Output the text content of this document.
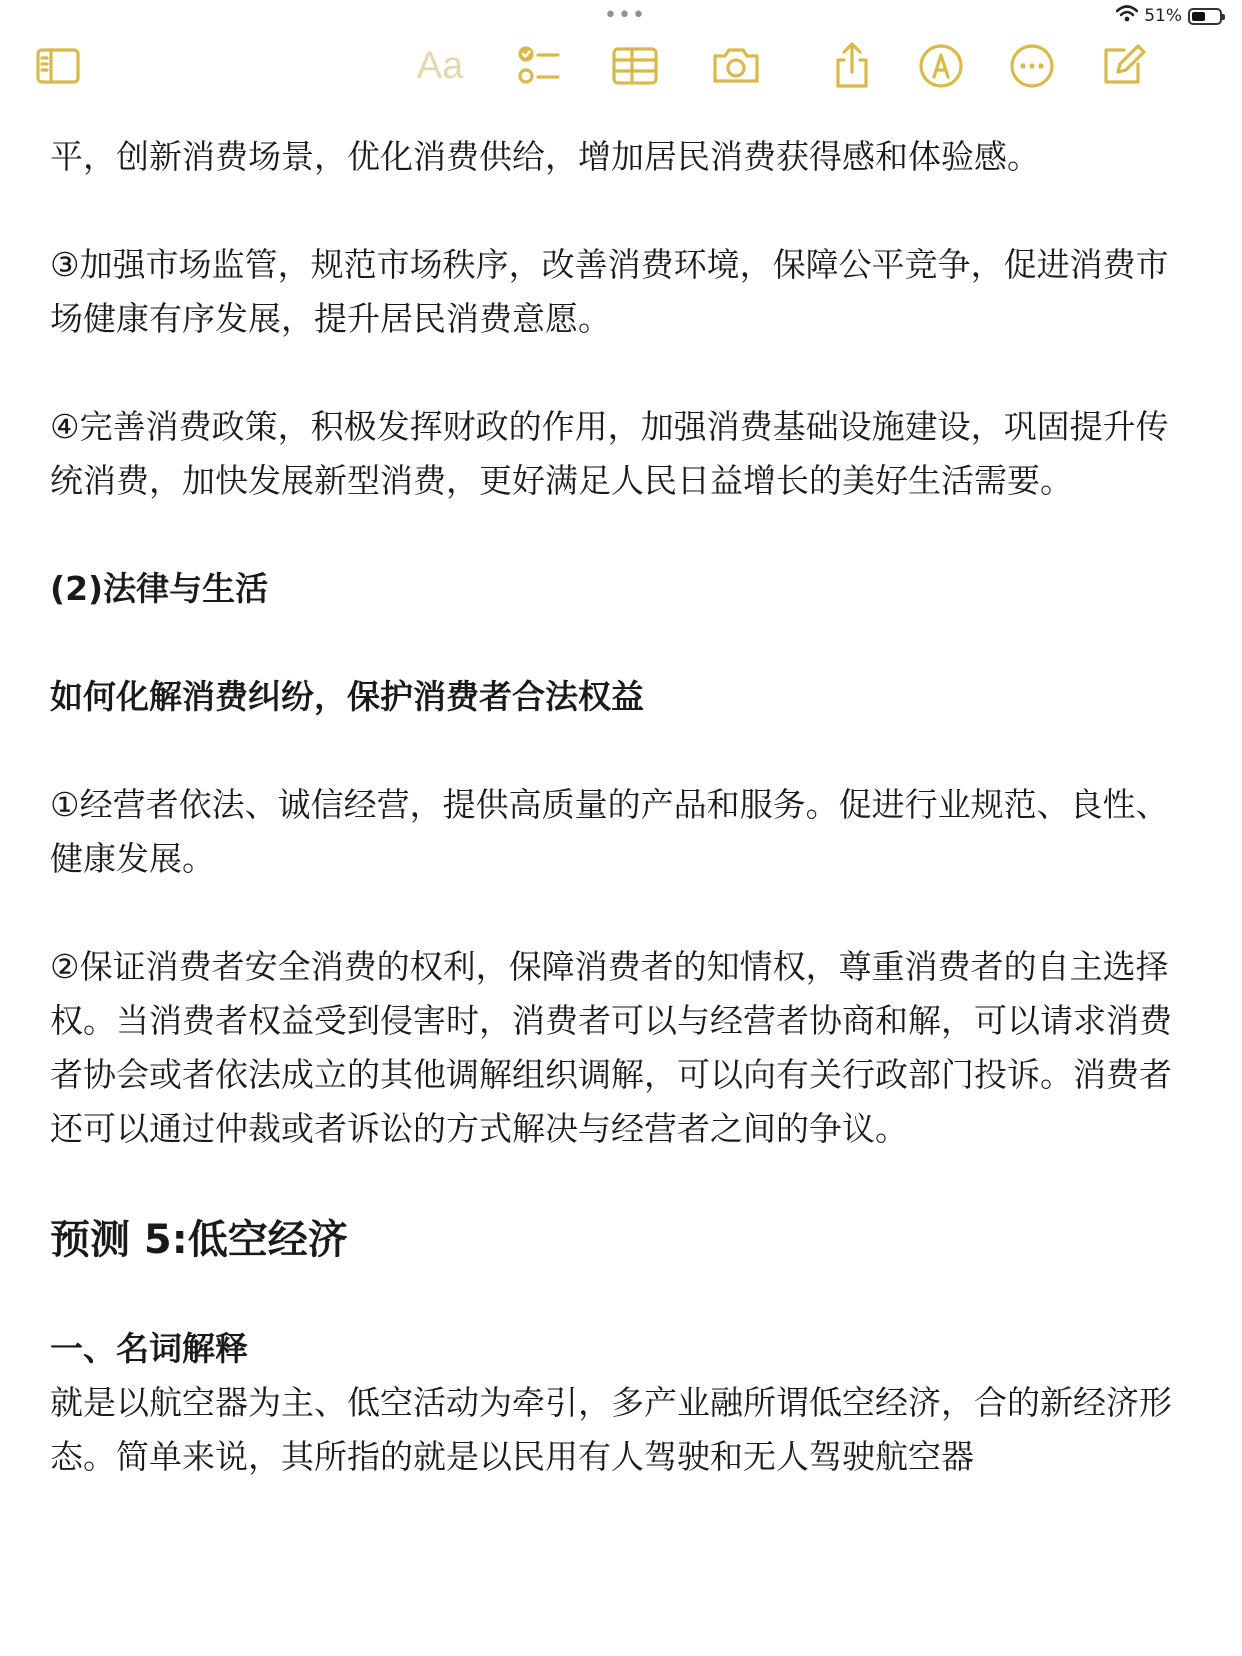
•••	51%
Aa

平，创新消费场景，优化消费供给，增加居民消费获得感和体验感。

③加强市场监管，规范市场秩序，改善消费环境，保障公平竞争，促进消费市场健康有序发展，提升居民消费意愿。

④完善消费政策，积极发挥财政的作用，加强消费基础设施建设，巩固提升传统消费，加快发展新型消费，更好满足人民日益增长的美好生活需要。

(2)法律与生活

如何化解消费纠纷，保护消费者合法权益

①经营者依法、诚信经营，提供高质量的产品和服务。促进行业规范、良性、健康发展。

②保证消费者安全消费的权利，保障消费者的知情权，尊重消费者的自主选择权。当消费者权益受到侵害时，消费者可以与经营者协商和解，可以请求消费者协会或者依法成立的其他调解组织调解，可以向有关行政部门投诉。消费者还可以通过仲裁或者诉讼的方式解决与经营者之间的争议。

预测 5:低空经济

一、名词解释

就是以航空器为主、低空活动为牵引，多产业融所谓低空经济，合的新经济形态。简单来说，其所指的就是以民用有人驾驶和无人驾驶航空器
